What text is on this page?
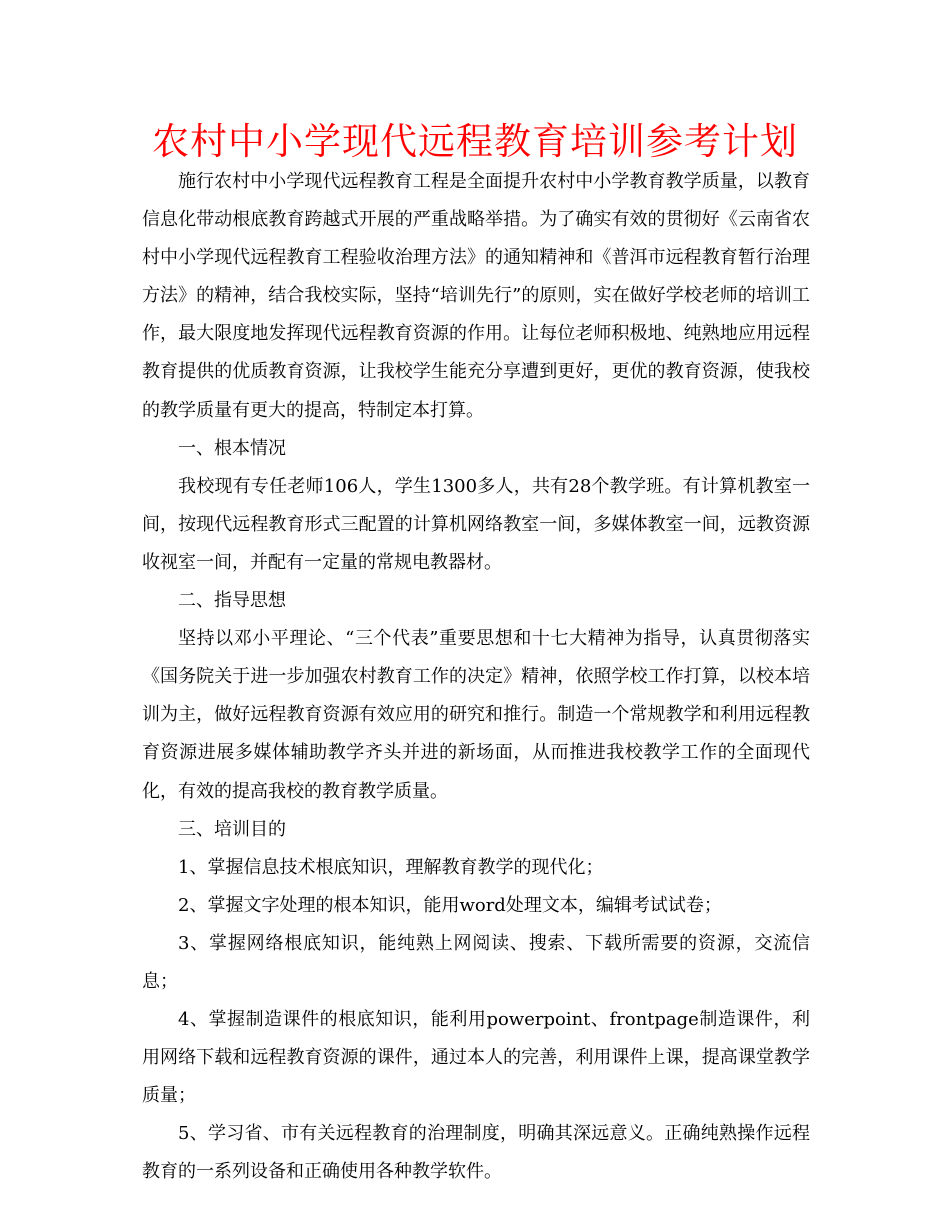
农村中小学现代远程教育培训参考计划

施行农村中小学现代远程教育工程是全面提升农村中小学教育教学质量，以教育信息化带动根底教育跨越式开展的严重战略举措。为了确实有效的贯彻好《云南省农村中小学现代远程教育工程验收治理方法》的通知精神和《普洱市远程教育暂行治理方法》的精神，结合我校实际，坚持“培训先行”的原则，实在做好学校老师的培训工作，最大限度地发挥现代远程教育资源的作用。让每位老师积极地、纯熟地应用远程教育提供的优质教育资源，让我校学生能充分享遭到更好，更优的教育资源，使我校的教学质量有更大的提高，特制定本打算。

一、根本情况

我校现有专任老师106人，学生1300多人，共有28个教学班。有计算机教室一间，按现代远程教育形式三配置的计算机网络教室一间，多媒体教室一间，远教资源收视室一间，并配有一定量的常规电教器材。

二、指导思想

坚持以邓小平理论、“三个代表”重要思想和十七大精神为指导，认真贯彻落实《国务院关于进一步加强农村教育工作的决定》精神，依照学校工作打算，以校本培训为主，做好远程教育资源有效应用的研究和推行。制造一个常规教学和利用远程教育资源进展多媒体辅助教学齐头并进的新场面，从而推进我校教学工作的全面现代化，有效的提高我校的教育教学质量。

三、培训目的

1、掌握信息技术根底知识，理解教育教学的现代化；

2、掌握文字处理的根本知识，能用word处理文本，编辑考试试卷；

3、掌握网络根底知识，能纯熟上网阅读、搜索、下载所需要的资源，交流信息；

4、掌握制造课件的根底知识，能利用powerpoint、frontpage制造课件，利用网络下载和远程教育资源的课件，通过本人的完善，利用课件上课，提高课堂教学质量；

5、学习省、市有关远程教育的治理制度，明确其深远意义。正确纯熟操作远程教育的一系列设备和正确使用各种教学软件。
